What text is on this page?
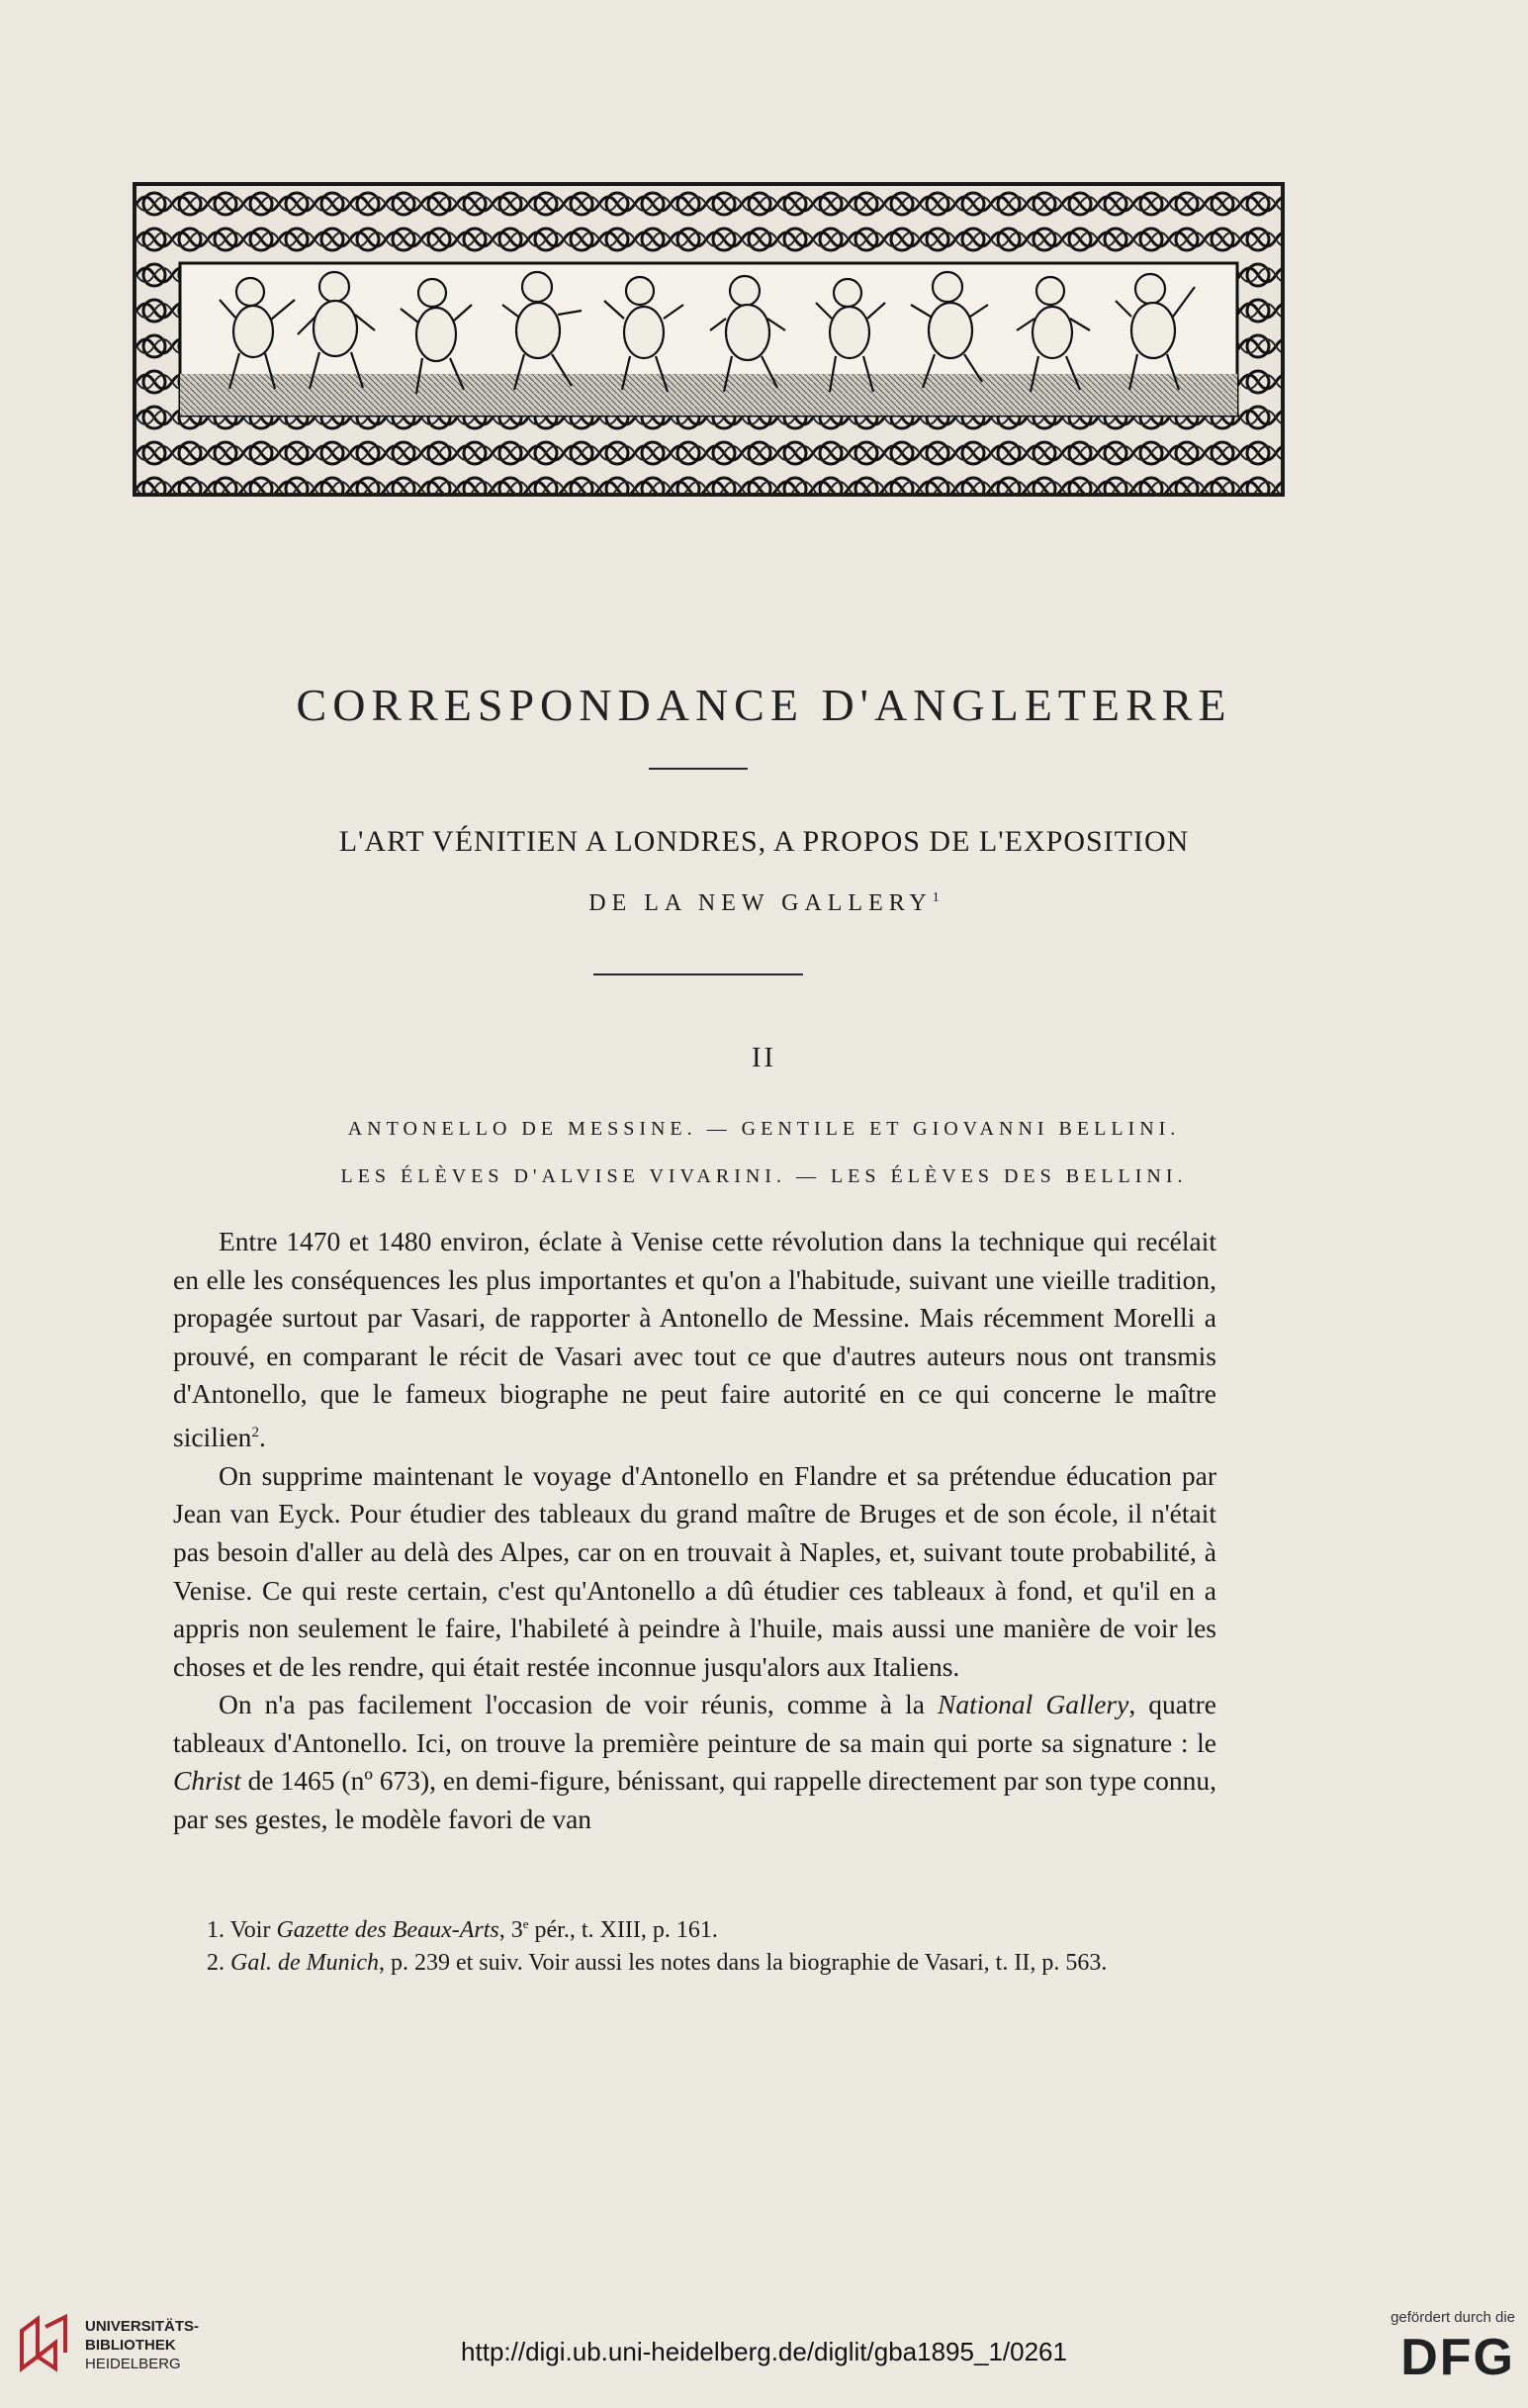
CORRESPONDANCE D'ANGLETERRE
L'ART VÉNITIEN A LONDRES, A PROPOS DE L'EXPOSITION
DE LA NEW GALLERY$^1$
II
ANTONELLO DE MESSINE. — GENTILE ET GIOVANNI BELLINI.
LES ÉLÈVES D'ALVISE VIVARINI. — LES ÉLÈVES DES BELLINI.

Entre 1470 et 1480 environ, éclate à Venise cette révolution dans la technique qui recélait en elle les conséquences les plus importantes et qu'on a l'habitude, suivant une vieille tradition, propagée surtout par Vasari, de rapporter à Antonello de Messine. Mais récemment Morelli a prouvé, en comparant le récit de Vasari avec tout ce que d'autres auteurs nous ont transmis d'Antonello, que le fameux biographe ne peut faire autorité en ce qui concerne le maître sicilien$^2$.

On supprime maintenant le voyage d'Antonello en Flandre et sa prétendue éducation par Jean van Eyck. Pour étudier des tableaux du grand maître de Bruges et de son école, il n'était pas besoin d'aller au delà des Alpes, car on en trouvait à Naples, et, suivant toute probabilité, à Venise. Ce qui reste certain, c'est qu'Antonello a dû étudier ces tableaux à fond, et qu'il en a appris non seulement le faire, l'habileté à peindre à l'huile, mais aussi une manière de voir les choses et de les rendre, qui était restée inconnue jusqu'alors aux Italiens.

On n'a pas facilement l'occasion de voir réunis, comme à la National Gallery, quatre tableaux d'Antonello. Ici, on trouve la première peinture de sa main qui porte sa signature : le Christ de 1465 (nº 673), en demi-figure, bénissant, qui rappelle directement par son type connu, par ses gestes, le modèle favori de van

1. Voir Gazette des Beaux-Arts, 3e pér., t. XIII, p. 161.

2. Gal. de Munich, p. 239 et suiv. Voir aussi les notes dans la biographie de Vasari, t. II, p. 563.

UNIVERSITÄTS-
BIBLIOTHEK
HEIDELBERG	http://digi.ub.uni-heidelberg.de/diglit/gba1895_1/0261
gefördert durch die
DFG
